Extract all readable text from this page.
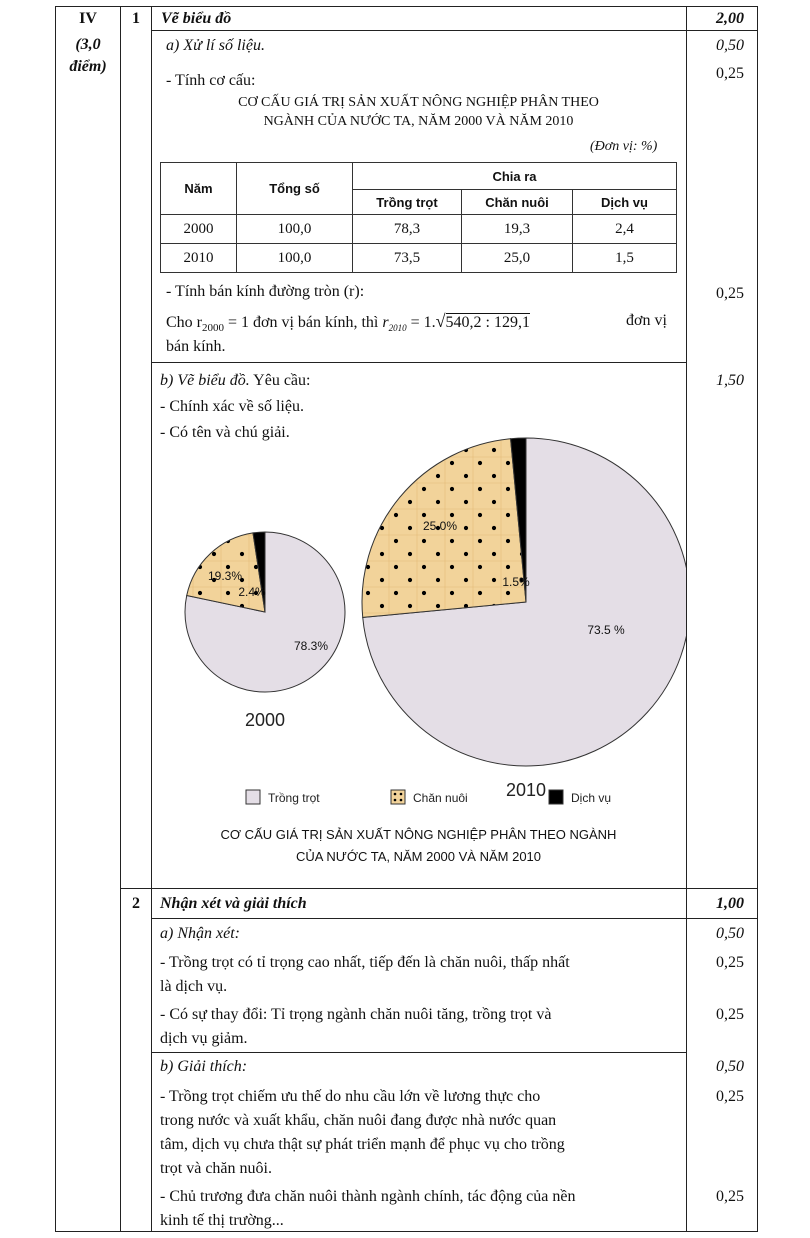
IV
(3,0
điểm)
1	Vẽ biểu đồ	2,00
a) Xử lí số liệu.	0,50
- Tính cơ cấu:	0,25
CƠ CẤU GIÁ TRỊ SẢN XUẤT NÔNG NGHIỆP PHÂN THEO
NGÀNH CỦA NƯỚC TA, NĂM 2000 VÀ NĂM 2010
(Đơn vị: %)
Năm	Tổng số	Chia ra		
		Trồng trọt	Chăn nuôi	Dịch vụ
2000	100,0	78,3	19,3	2,4
2010	100,0	73,5	25,0	1,5
- Tính bán kính đường tròn (r):	0,25
Cho $r_{2000} = 1$ đơn vị bán kính, thì $r_{2010} = 1.√540,2$ : 129,1	đơn vị
bán kính.
b) Vẽ biểu đồ. Yêu cầu:	1,50
- Chính xác về số liệu.
- Có tên và chú giải.
78.3%
19.3%
2.4%
2000
73.5 %
25.0%
1.5%
2010
Trồng trọt	Chăn nuôi	Dịch vụ
CƠ CẤU GIÁ TRỊ SẢN XUẤT NÔNG NGHIỆP PHÂN THEO NGÀNH
CỦA NƯỚC TA, NĂM 2000 VÀ NĂM 2010
2	Nhận xét và giải thích	1,00
a) Nhận xét:	0,50
- Trồng trọt có tỉ trọng cao nhất, tiếp đến là chăn nuôi, thấp nhất
là dịch vụ.
0,25
- Có sự thay đổi: Tỉ trọng ngành chăn nuôi tăng, trồng trọt và
dịch vụ giảm.
0,25
b) Giải thích:	0,50
- Trồng trọt chiếm ưu thế do nhu cầu lớn về lương thực cho
trong nước và xuất khẩu, chăn nuôi đang được nhà nước quan
tâm, dịch vụ chưa thật sự phát triển mạnh để phục vụ cho trồng
trọt và chăn nuôi.
0,25
- Chủ trương đưa chăn nuôi thành ngành chính, tác động của nền
kinh tế thị trường...
0,25
